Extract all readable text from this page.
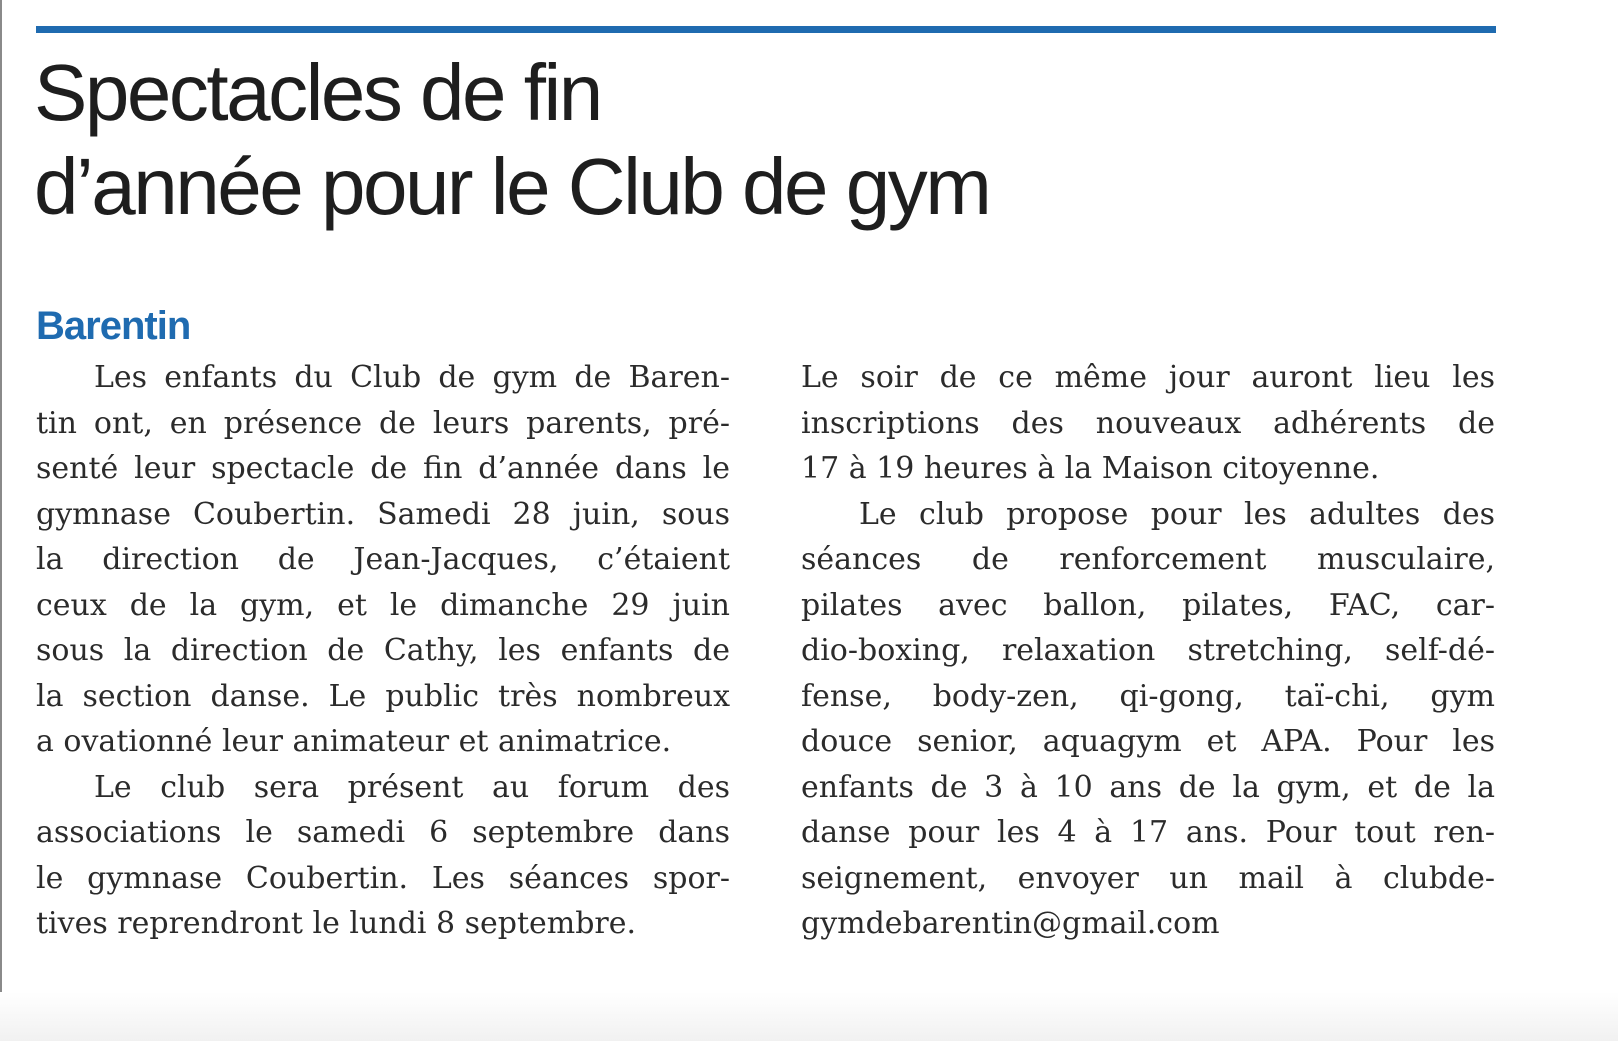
Spectacles de fin
d’année pour le Club de gym
Barentin
Les enfants du Club de gym de Baren-
tin ont, en présence de leurs parents, pré-
senté leur spectacle de fin d’année dans le
gymnase Coubertin. Samedi 28 juin, sous
la direction de Jean-Jacques, c’étaient
ceux de la gym, et le dimanche 29 juin
sous la direction de Cathy, les enfants de
la section danse. Le public très nombreux
a ovationné leur animateur et animatrice.
Le club sera présent au forum des
associations le samedi 6 septembre dans
le gymnase Coubertin. Les séances spor-
tives reprendront le lundi 8 septembre.
Le soir de ce même jour auront lieu les
inscriptions des nouveaux adhérents de
17 à 19 heures à la Maison citoyenne.
Le club propose pour les adultes des
séances de renforcement musculaire,
pilates avec ballon, pilates, FAC, car-
dio-boxing, relaxation stretching, self-dé-
fense, body-zen, qi-gong, taï-chi, gym
douce senior, aquagym et APA. Pour les
enfants de 3 à 10 ans de la gym, et de la
danse pour les 4 à 17 ans. Pour tout ren-
seignement, envoyer un mail à clubde-
gymdebarentin@gmail.com
